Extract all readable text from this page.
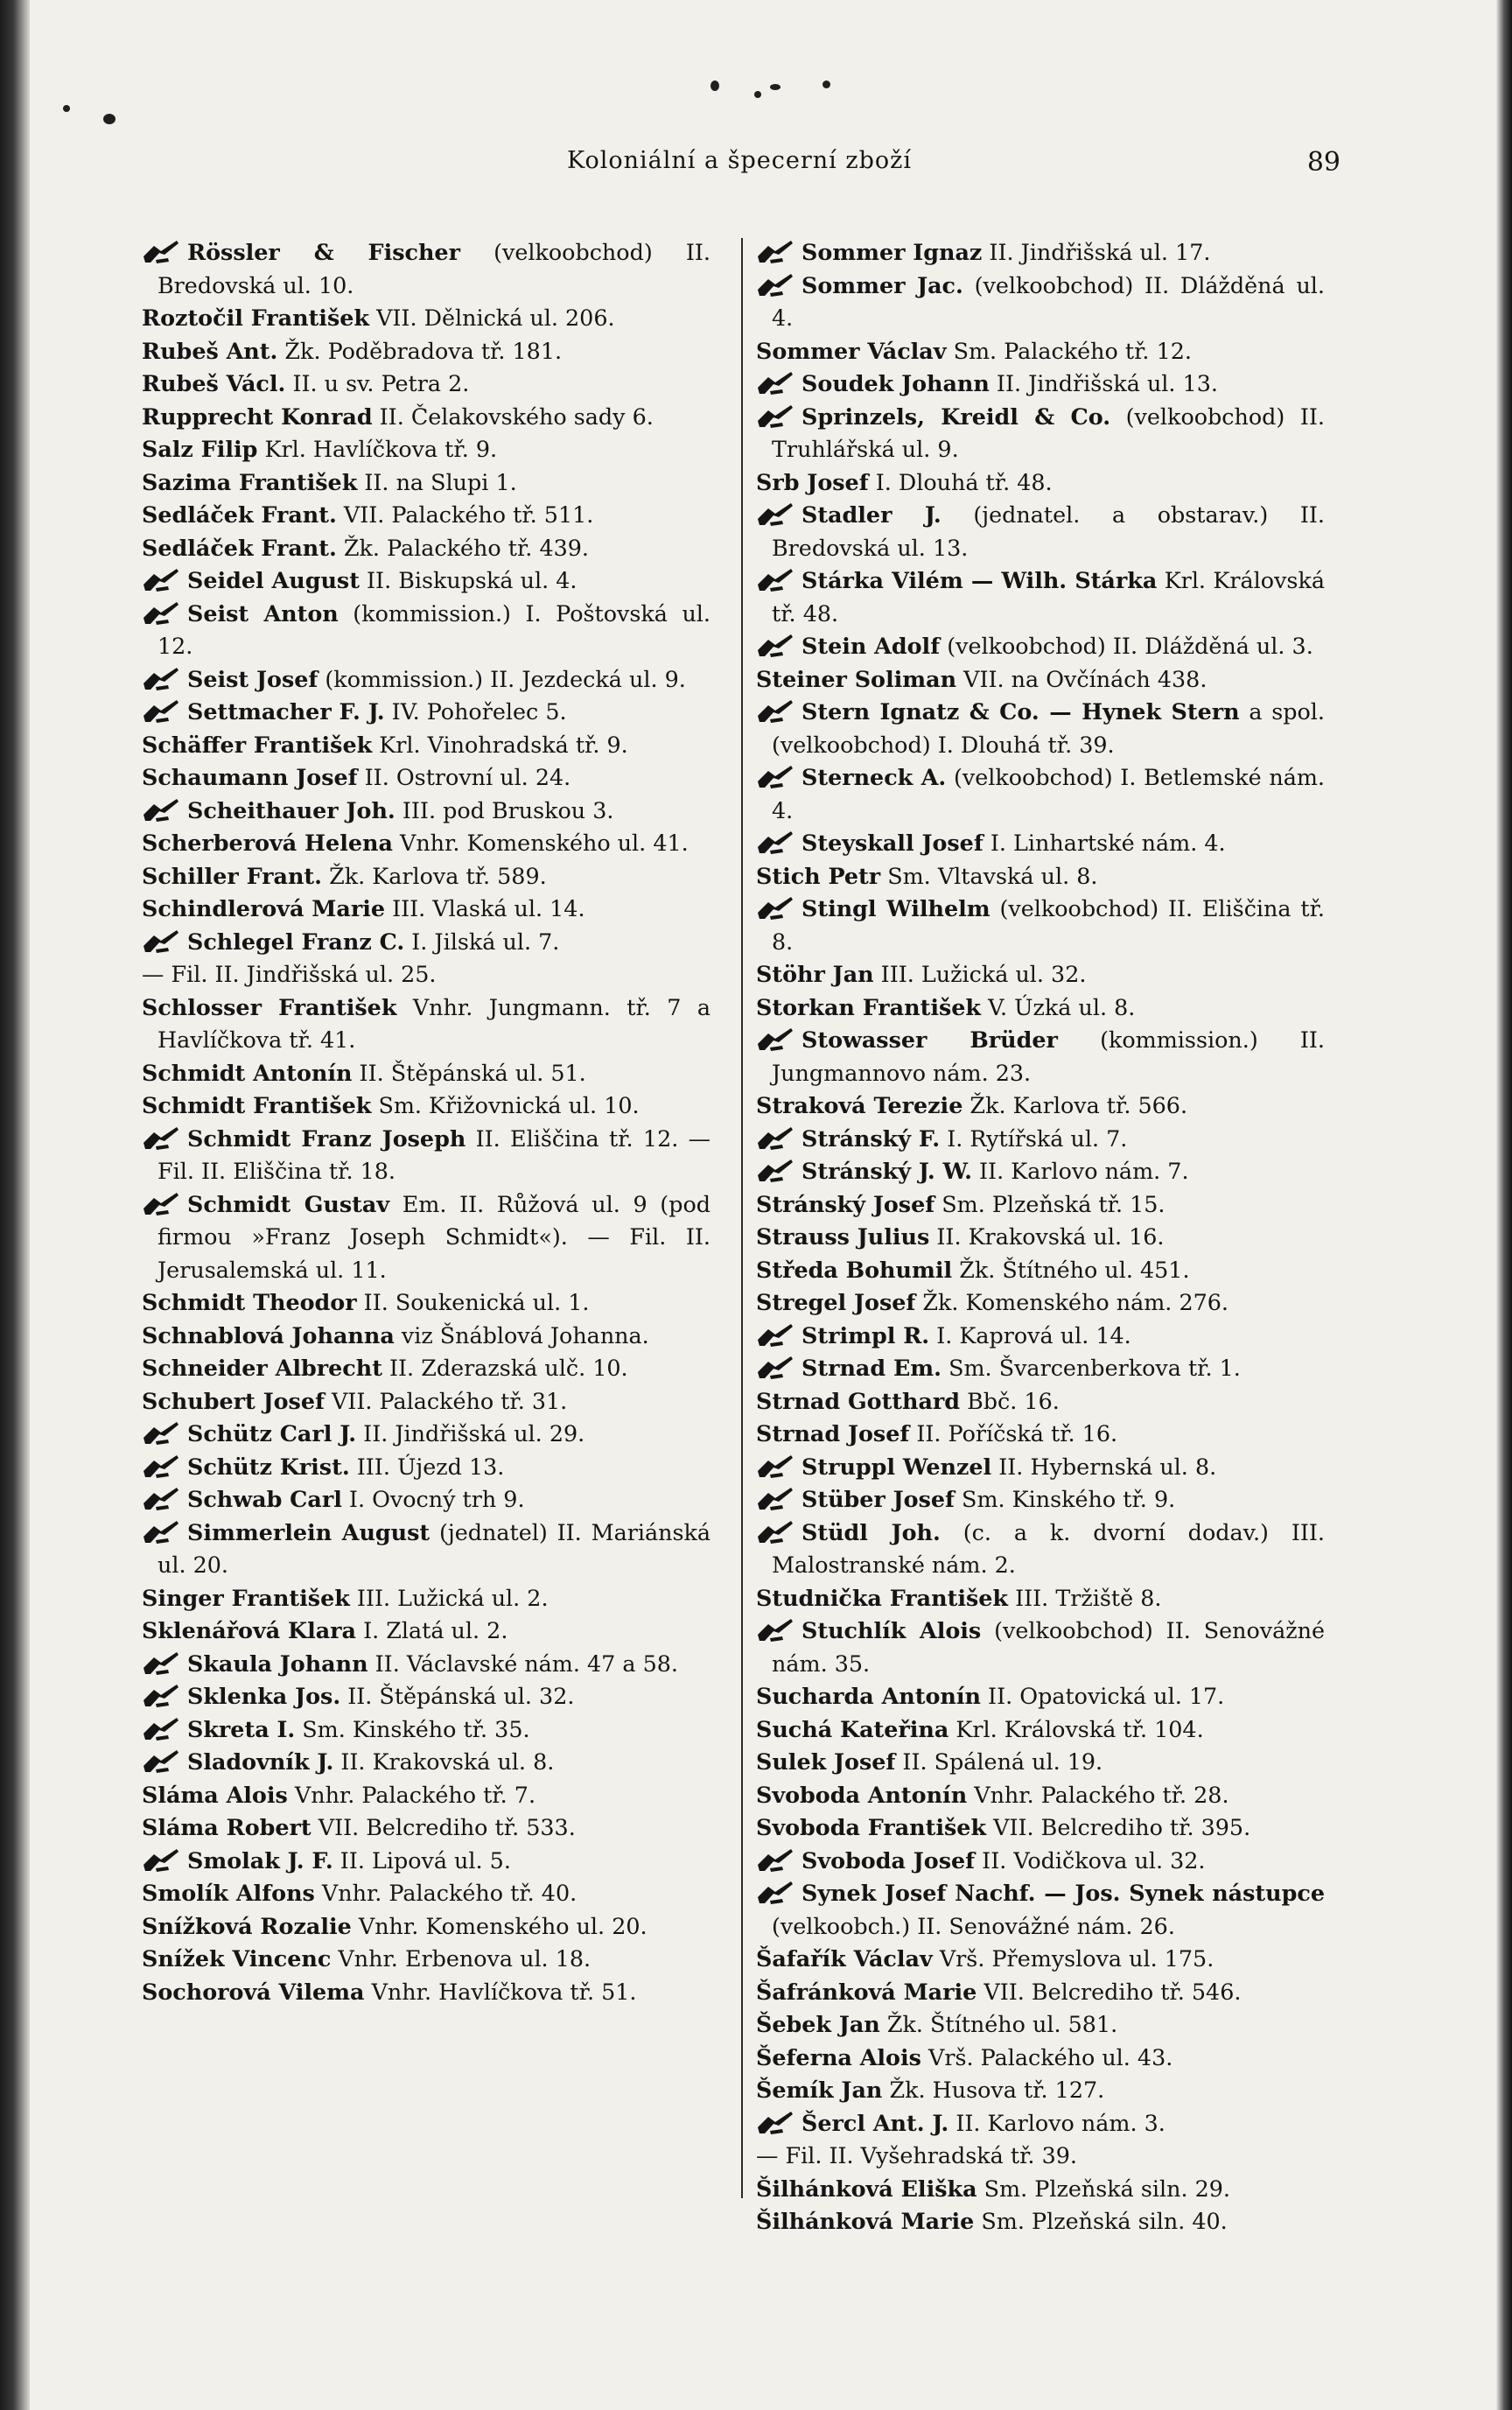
Koloniální a špecerní zboží	89
Rössler & Fischer (velkoobchod) II. Bredovská ul. 10.
Roztočil František VII. Dělnická ul. 206.
Rubeš Ant. Žk. Poděbradova tř. 181.
Rubeš Václ. II. u sv. Petra 2.
Rupprecht Konrad II. Čelakovského sady 6.
Salz Filip Krl. Havlíčkova tř. 9.
Sazima František II. na Slupi 1.
Sedláček Frant. VII. Palackého tř. 511.
Sedláček Frant. Žk. Palackého tř. 439.
Seidel August II. Biskupská ul. 4.
Seist Anton (kommission.) I. Poštovská ul. 12.
Seist Josef (kommission.) II. Jezdecká ul. 9.
Settmacher F. J. IV. Pohořelec 5.
Schäffer František Krl. Vinohradská tř. 9.
Schaumann Josef II. Ostrovní ul. 24.
Scheithauer Joh. III. pod Bruskou 3.
Scherberová Helena Vnhr. Komenského ul. 41.
Schiller Frant. Žk. Karlova tř. 589.
Schindlerová Marie III. Vlaská ul. 14.
Schlegel Franz C. I. Jilská ul. 7.
— Fil. II. Jindřišská ul. 25.
Schlosser František Vnhr. Jungmann. tř. 7 a Havlíčkova tř. 41.
Schmidt Antonín II. Štěpánská ul. 51.
Schmidt František Sm. Křižovnická ul. 10.
Schmidt Franz Joseph II. Eliščina tř. 12. — Fil. II. Eliščina tř. 18.
Schmidt Gustav Em. II. Růžová ul. 9 (pod firmou »Franz Joseph Schmidt«). — Fil. II. Jerusalemská ul. 11.
Schmidt Theodor II. Soukenická ul. 1.
Schnablová Johanna viz Šnáblová Johanna.
Schneider Albrecht II. Zderazská ulč. 10.
Schubert Josef VII. Palackého tř. 31.
Schütz Carl J. II. Jindřišská ul. 29.
Schütz Krist. III. Újezd 13.
Schwab Carl I. Ovocný trh 9.
Simmerlein August (jednatel) II. Mariánská ul. 20.
Singer František III. Lužická ul. 2.
Sklenářová Klara I. Zlatá ul. 2.
Skaula Johann II. Václavské nám. 47 a 58.
Sklenka Jos. II. Štěpánská ul. 32.
Skreta I. Sm. Kinského tř. 35.
Sladovník J. II. Krakovská ul. 8.
Sláma Alois Vnhr. Palackého tř. 7.
Sláma Robert VII. Belcrediho tř. 533.
Smolak J. F. II. Lipová ul. 5.
Smolík Alfons Vnhr. Palackého tř. 40.
Snížková Rozalie Vnhr. Komenského ul. 20.
Snížek Vincenc Vnhr. Erbenova ul. 18.
Sochorová Vilema Vnhr. Havlíčkova tř. 51.
Sommer Ignaz II. Jindřišská ul. 17.
Sommer Jac. (velkoobchod) II. Dlážděná ul. 4.
Sommer Václav Sm. Palackého tř. 12.
Soudek Johann II. Jindřišská ul. 13.
Sprinzels, Kreidl & Co. (velkoobchod) II. Truhlářská ul. 9.
Srb Josef I. Dlouhá tř. 48.
Stadler J. (jednatel. a obstarav.) II. Bredovská ul. 13.
Stárka Vilém — Wilh. Stárka Krl. Královská tř. 48.
Stein Adolf (velkoobchod) II. Dlážděná ul. 3.
Steiner Soliman VII. na Ovčínách 438.
Stern Ignatz & Co. — Hynek Stern a spol. (velkoobchod) I. Dlouhá tř. 39.
Sterneck A. (velkoobchod) I. Betlemské nám. 4.
Steyskall Josef I. Linhartské nám. 4.
Stich Petr Sm. Vltavská ul. 8.
Stingl Wilhelm (velkoobchod) II. Eliščina tř. 8.
Stöhr Jan III. Lužická ul. 32.
Storkan František V. Úzká ul. 8.
Stowasser Brüder (kommission.) II. Jungmannovo nám. 23.
Straková Terezie Žk. Karlova tř. 566.
Stránský F. I. Rytířská ul. 7.
Stránský J. W. II. Karlovo nám. 7.
Stránský Josef Sm. Plzeňská tř. 15.
Strauss Julius II. Krakovská ul. 16.
Středa Bohumil Žk. Štítného ul. 451.
Stregel Josef Žk. Komenského nám. 276.
Strimpl R. I. Kaprová ul. 14.
Strnad Em. Sm. Švarcenberkova tř. 1.
Strnad Gotthard Bbč. 16.
Strnad Josef II. Poříčská tř. 16.
Struppl Wenzel II. Hybernská ul. 8.
Stüber Josef Sm. Kinského tř. 9.
Stüdl Joh. (c. a k. dvorní dodav.) III. Malostranské nám. 2.
Studnička František III. Tržiště 8.
Stuchlík Alois (velkoobchod) II. Senovážné nám. 35.
Sucharda Antonín II. Opatovická ul. 17.
Suchá Kateřina Krl. Královská tř. 104.
Sulek Josef II. Spálená ul. 19.
Svoboda Antonín Vnhr. Palackého tř. 28.
Svoboda František VII. Belcrediho tř. 395.
Svoboda Josef II. Vodičkova ul. 32.
Synek Josef Nachf. — Jos. Synek nástupce (velkoobch.) II. Senovážné nám. 26.
Šafařík Václav Vrš. Přemyslova ul. 175.
Šafránková Marie VII. Belcrediho tř. 546.
Šebek Jan Žk. Štítného ul. 581.
Šeferna Alois Vrš. Palackého ul. 43.
Šemík Jan Žk. Husova tř. 127.
Šercl Ant. J. II. Karlovo nám. 3.
— Fil. II. Vyšehradská tř. 39.
Šilhánková Eliška Sm. Plzeňská siln. 29.
Šilhánková Marie Sm. Plzeňská siln. 40.
